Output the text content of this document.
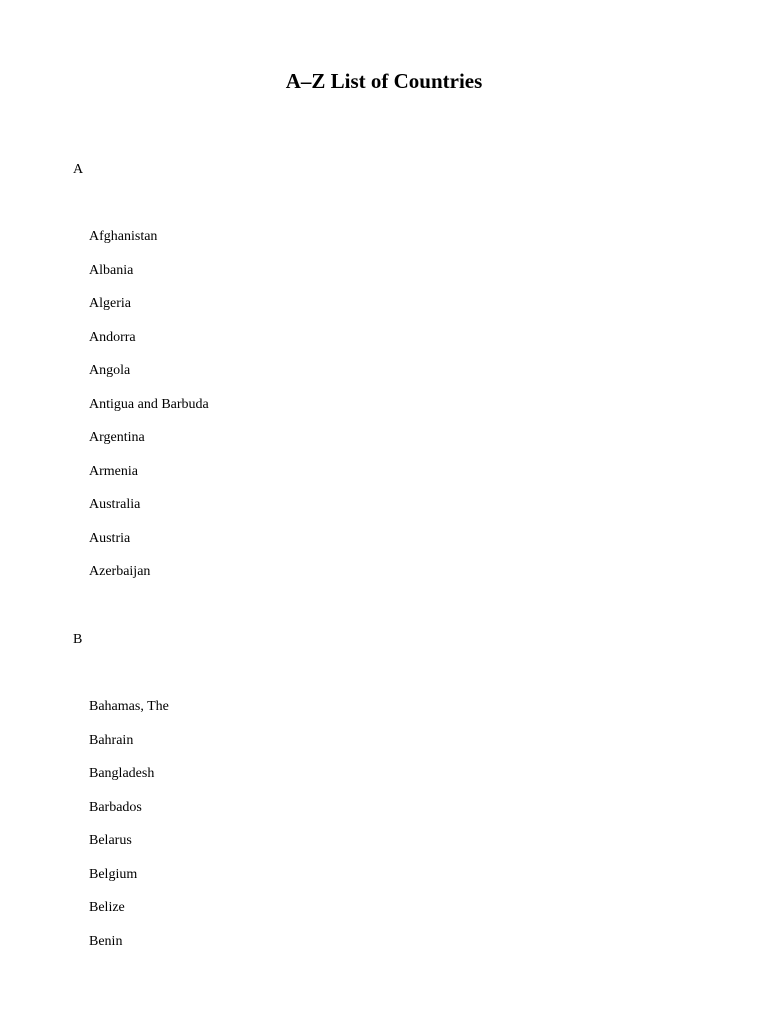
A–Z List of Countries
A
Afghanistan
Albania
Algeria
Andorra
Angola
Antigua and Barbuda
Argentina
Armenia
Australia
Austria
Azerbaijan
B
Bahamas, The
Bahrain
Bangladesh
Barbados
Belarus
Belgium
Belize
Benin
